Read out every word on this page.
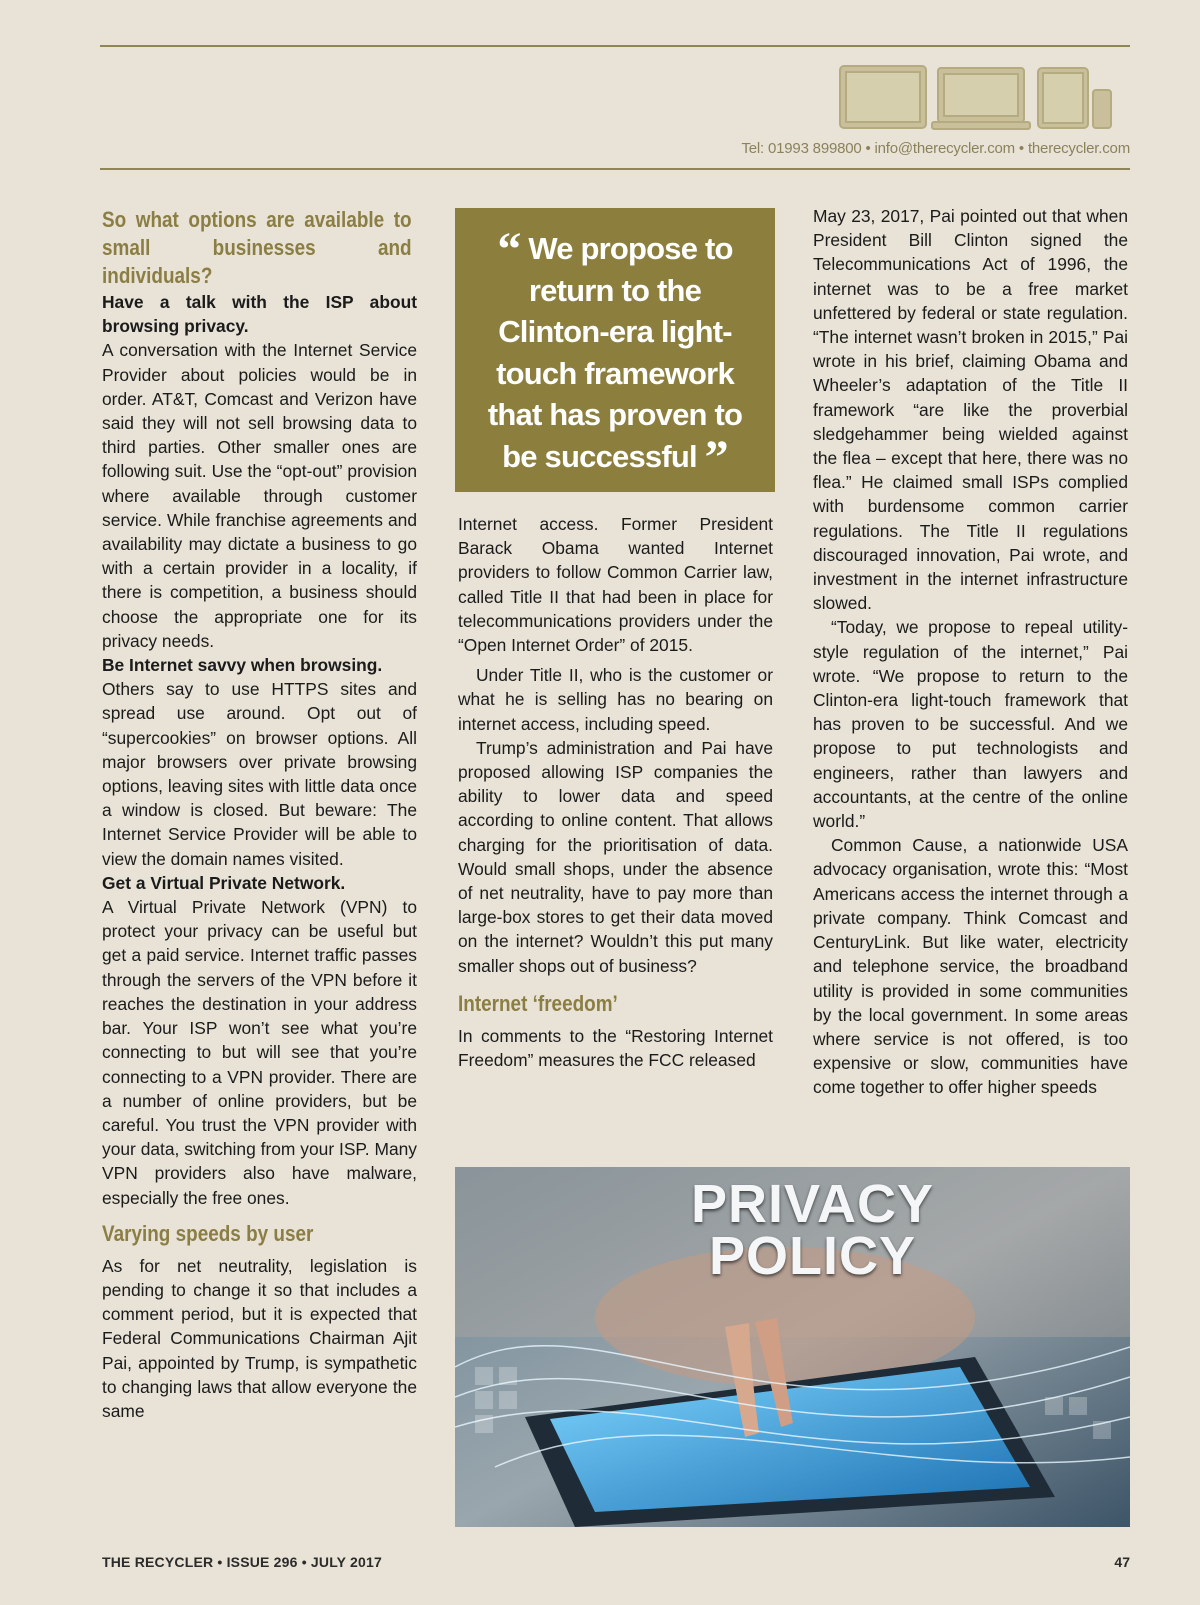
Tel: 01993 899800 • info@therecycler.com • therecycler.com
So what options are available to small businesses and individuals?

Have a talk with the ISP about browsing privacy.

A conversation with the Internet Service Provider about policies would be in order. AT&T, Comcast and Verizon have said they will not sell browsing data to third parties. Other smaller ones are following suit. Use the “opt-out” provision where available through customer service. While franchise agreements and availability may dictate a business to go with a certain provider in a locality, if there is competition, a business should choose the appropriate one for its privacy needs.

Be Internet savvy when browsing.

Others say to use HTTPS sites and spread use around. Opt out of “supercookies” on browser options. All major browsers over private browsing options, leaving sites with little data once a window is closed. But beware: The Internet Service Provider will be able to view the domain names visited.

Get a Virtual Private Network.

A Virtual Private Network (VPN) to protect your privacy can be useful but get a paid service. Internet traffic passes through the servers of the VPN before it reaches the destination in your address bar. Your ISP won’t see what you’re connecting to but will see that you’re connecting to a VPN provider. There are a number of online providers, but be careful. You trust the VPN provider with your data, switching from your ISP. Many VPN providers also have malware, especially the free ones.

Varying speeds by user

As for net neutrality, legislation is pending to change it so that includes a comment period, but it is expected that Federal Communications Chairman Ajit Pai, appointed by Trump, is sympathetic to changing laws that allow everyone the same

“ We propose to return to the Clinton-era light-touch framework that has proven to be successful ”

Internet access. Former President Barack Obama wanted Internet providers to follow Common Carrier law, called Title II that had been in place for telecommunications providers under the “Open Internet Order” of 2015.

Under Title II, who is the customer or what he is selling has no bearing on internet access, including speed.

Trump’s administration and Pai have proposed allowing ISP companies the ability to lower data and speed according to online content. That allows charging for the prioritisation of data. Would small shops, under the absence of net neutrality, have to pay more than large-box stores to get their data moved on the internet? Wouldn’t this put many smaller shops out of business?

Internet ‘freedom’

In comments to the “Restoring Internet Freedom” measures the FCC released

May 23, 2017, Pai pointed out that when President Bill Clinton signed the Telecommunications Act of 1996, the internet was to be a free market unfettered by federal or state regulation. “The internet wasn’t broken in 2015,” Pai wrote in his brief, claiming Obama and Wheeler’s adaptation of the Title II framework “are like the proverbial sledgehammer being wielded against the flea – except that here, there was no flea.” He claimed small ISPs complied with burdensome common carrier regulations. The Title II regulations discouraged innovation, Pai wrote, and investment in the internet infrastructure slowed.

“Today, we propose to repeal utility-style regulation of the internet,” Pai wrote. “We propose to return to the Clinton-era light-touch framework that has proven to be successful. And we propose to put technologists and engineers, rather than lawyers and accountants, at the centre of the online world.”

Common Cause, a nationwide USA advocacy organisation, wrote this: “Most Americans access the internet through a private company. Think Comcast and CenturyLink. But like water, electricity and telephone service, the broadband utility is provided in some communities by the local government. In some areas where service is not offered, is too expensive or slow, communities have come together to offer higher speeds

PRIVACY
POLICY
THE RECYCLER • ISSUE 296 • JULY 2017	47
